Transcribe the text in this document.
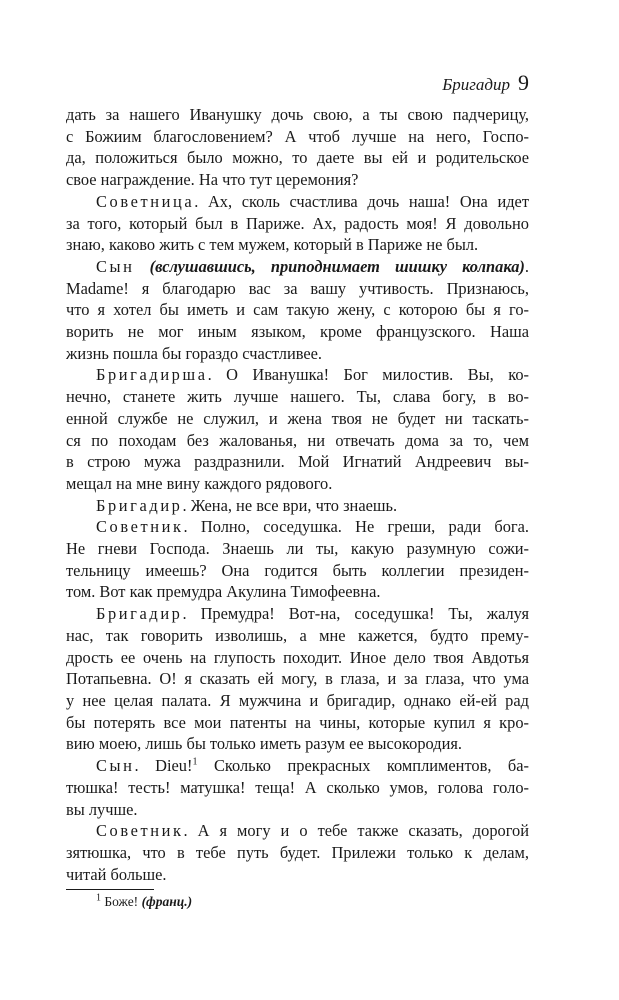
Бригадир 9
дать за нашего Иванушку дочь свою, а ты свою падчерицу,
с Божиим благословением? А чтоб лучше на него, Госпо-
да, положиться было можно, то даете вы ей и родительское
свое награждение. На что тут церемония?
Советница. Ах, сколь счастлива дочь наша! Она идет
за того, который был в Париже. Ах, радость моя! Я довольно
знаю, каково жить с тем мужем, который в Париже не был.
Сын (вслушавшись, приподнимает шишку колпака).
Madame! я благодарю вас за вашу учтивость. Признаюсь,
что я хотел бы иметь и сам такую жену, с которою бы я го-
ворить не мог иным языком, кроме французского. Наша
жизнь пошла бы гораздо счастливее.
Бригадирша. О Иванушка! Бог милостив. Вы, ко-
нечно, станете жить лучше нашего. Ты, слава богу, в во-
енной службе не служил, и жена твоя не будет ни таскать-
ся по походам без жалованья, ни отвечать дома за то, чем
в строю мужа раздразнили. Мой Игнатий Андреевич вы-
мещал на мне вину каждого рядового.
Бригадир. Жена, не все ври, что знаешь.
Советник. Полно, соседушка. Не греши, ради бога.
Не гневи Господа. Знаешь ли ты, какую разумную сожи-
тельницу имеешь? Она годится быть коллегии президен-
том. Вот как премудра Акулина Тимофеевна.
Бригадир. Премудра! Вот-на, соседушка! Ты, жалуя
нас, так говорить изволишь, а мне кажется, будто прему-
дрость ее очень на глупость походит. Иное дело твоя Авдотья
Потапьевна. О! я сказать ей могу, в глаза, и за глаза, что ума
у нее целая палата. Я мужчина и бригадир, однако ей-ей рад
бы потерять все мои патенты на чины, которые купил я кро-
вию моею, лишь бы только иметь разум ее высокородия.
Сын. Dieu!$^1$ Сколько прекрасных комплиментов, ба-
тюшка! тесть! матушка! теща! А сколько умов, голова голо-
вы лучше.
Советник. А я могу и о тебе также сказать, дорогой
зятюшка, что в тебе путь будет. Прилежи только к делам,
читай больше.
$^1$ Боже! (франц.)
